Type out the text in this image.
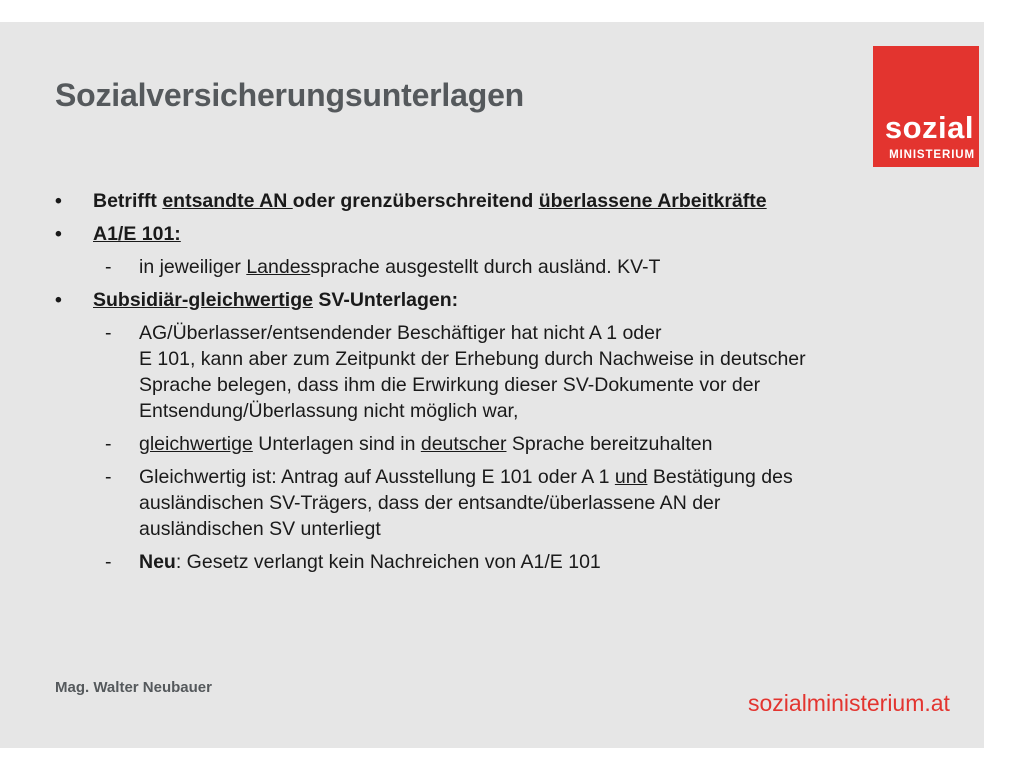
Sozialversicherungsunterlagen
sozial
MINISTERIUM
•	Betrifft entsandte AN oder grenzüberschreitend überlassene Arbeitkräfte
•	A1/E 101:
- in jeweiliger Landessprache ausgestellt durch ausländ. KV-T
•	Subsidiär-gleichwertige SV-Unterlagen:
- AG/Überlasser/entsendender Beschäftiger hat nicht A 1 oder
E 101, kann aber zum Zeitpunkt der Erhebung durch Nachweise in deutscher
Sprache belegen, dass ihm die Erwirkung dieser SV-Dokumente vor der
Entsendung/Überlassung nicht möglich war,
- gleichwertige Unterlagen sind in deutscher Sprache bereitzuhalten
- Gleichwertig ist: Antrag auf Ausstellung E 101 oder A 1 und Bestätigung des
ausländischen SV-Trägers, dass der entsandte/überlassene AN der
ausländischen SV unterliegt
- Neu: Gesetz verlangt kein Nachreichen von A1/E 101
Mag. Walter Neubauer
sozialministerium.at
